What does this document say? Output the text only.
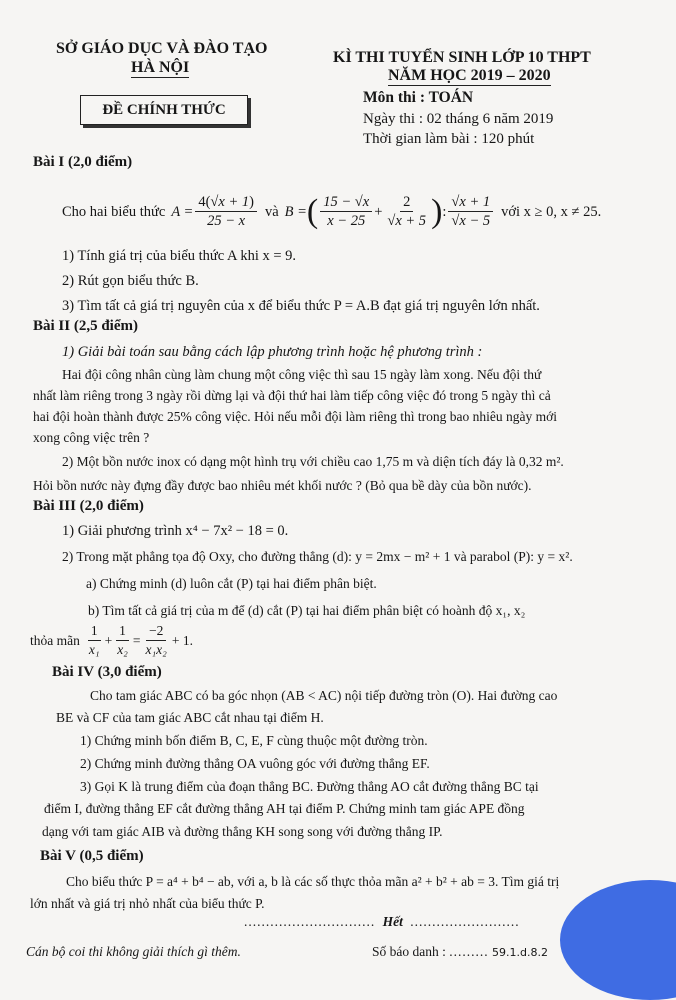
SỞ GIÁO DỤC VÀ ĐÀO TẠO
HÀ NỘI
ĐỀ CHÍNH THỨC
KÌ THI TUYỂN SINH LỚP 10 THPT
NĂM HỌC 2019 – 2020
Môn thi : TOÁN
Ngày thi : 02 tháng 6 năm 2019
Thời gian làm bài : 120 phút
Bài I (2,0 điểm)
Cho hai biểu thức $A = \frac{4(√x + 1)}{25 - x}$ và B = ( $\frac{15 - √x}{x - 25} + \frac{2}{√x + 5}$ ) : $\frac{√x + 1}{√x - 5}$ với x ≥ 0, x ≠ 25.
1) Tính giá trị của biểu thức A khi x = 9.
2) Rút gọn biểu thức B.
3) Tìm tất cả giá trị nguyên của x để biểu thức P = A.B đạt giá trị nguyên lớn nhất.
Bài II (2,5 điểm)
1) Giải bài toán sau bằng cách lập phương trình hoặc hệ phương trình :
Hai đội công nhân cùng làm chung một công việc thì sau 15 ngày làm xong. Nếu đội thứ
nhất làm riêng trong 3 ngày rồi dừng lại và đội thứ hai làm tiếp công việc đó trong 5 ngày thì cả
hai đội hoàn thành được 25% công việc. Hỏi nếu mỗi đội làm riêng thì trong bao nhiêu ngày mới
xong công việc trên ?
2) Một bồn nước inox có dạng một hình trụ với chiều cao 1,75 m và diện tích đáy là 0,32 m².
Hỏi bồn nước này đựng đầy được bao nhiêu mét khối nước ? (Bỏ qua bề dày của bồn nước).
Bài III (2,0 điểm)
1) Giải phương trình x⁴ − 7x² − 18 = 0.
2) Trong mặt phẳng tọa độ Oxy, cho đường thẳng (d): y = 2mx − m² + 1 và parabol (P): y = x².
a) Chứng minh (d) luôn cắt (P) tại hai điểm phân biệt.
b) Tìm tất cả giá trị của m để (d) cắt (P) tại hai điểm phân biệt có hoành độ x₁, x₂
thỏa mãn $\frac{1}{\text{x₁}} + \frac{1}{\text{x₂}} = \frac{-2}{\text{x₁x₂}} + 1$.
Bài IV (3,0 điểm)
Cho tam giác ABC có ba góc nhọn (AB < AC) nội tiếp đường tròn (O). Hai đường cao
BE và CF của tam giác ABC cắt nhau tại điểm H.
1) Chứng minh bốn điểm B, C, E, F cùng thuộc một đường tròn.
2) Chứng minh đường thẳng OA vuông góc với đường thẳng EF.
3) Gọi K là trung điểm của đoạn thẳng BC. Đường thẳng AO cắt đường thẳng BC tại
điểm I, đường thẳng EF cắt đường thẳng AH tại điểm P. Chứng minh tam giác APE đồng
dạng với tam giác AIB và đường thẳng KH song song với đường thẳng IP.
Bài V (0,5 điểm)
Cho biểu thức P = a⁴ + b⁴ − ab, với a, b là các số thực thỏa mãn a² + b² + ab = 3. Tìm giá trị
lớn nhất và giá trị nhỏ nhất của biểu thức P.
.............................. Hết .........................
Cán bộ coi thi không giải thích gì thêm.	Số báo danh : ......... 59.1.d.8.2
